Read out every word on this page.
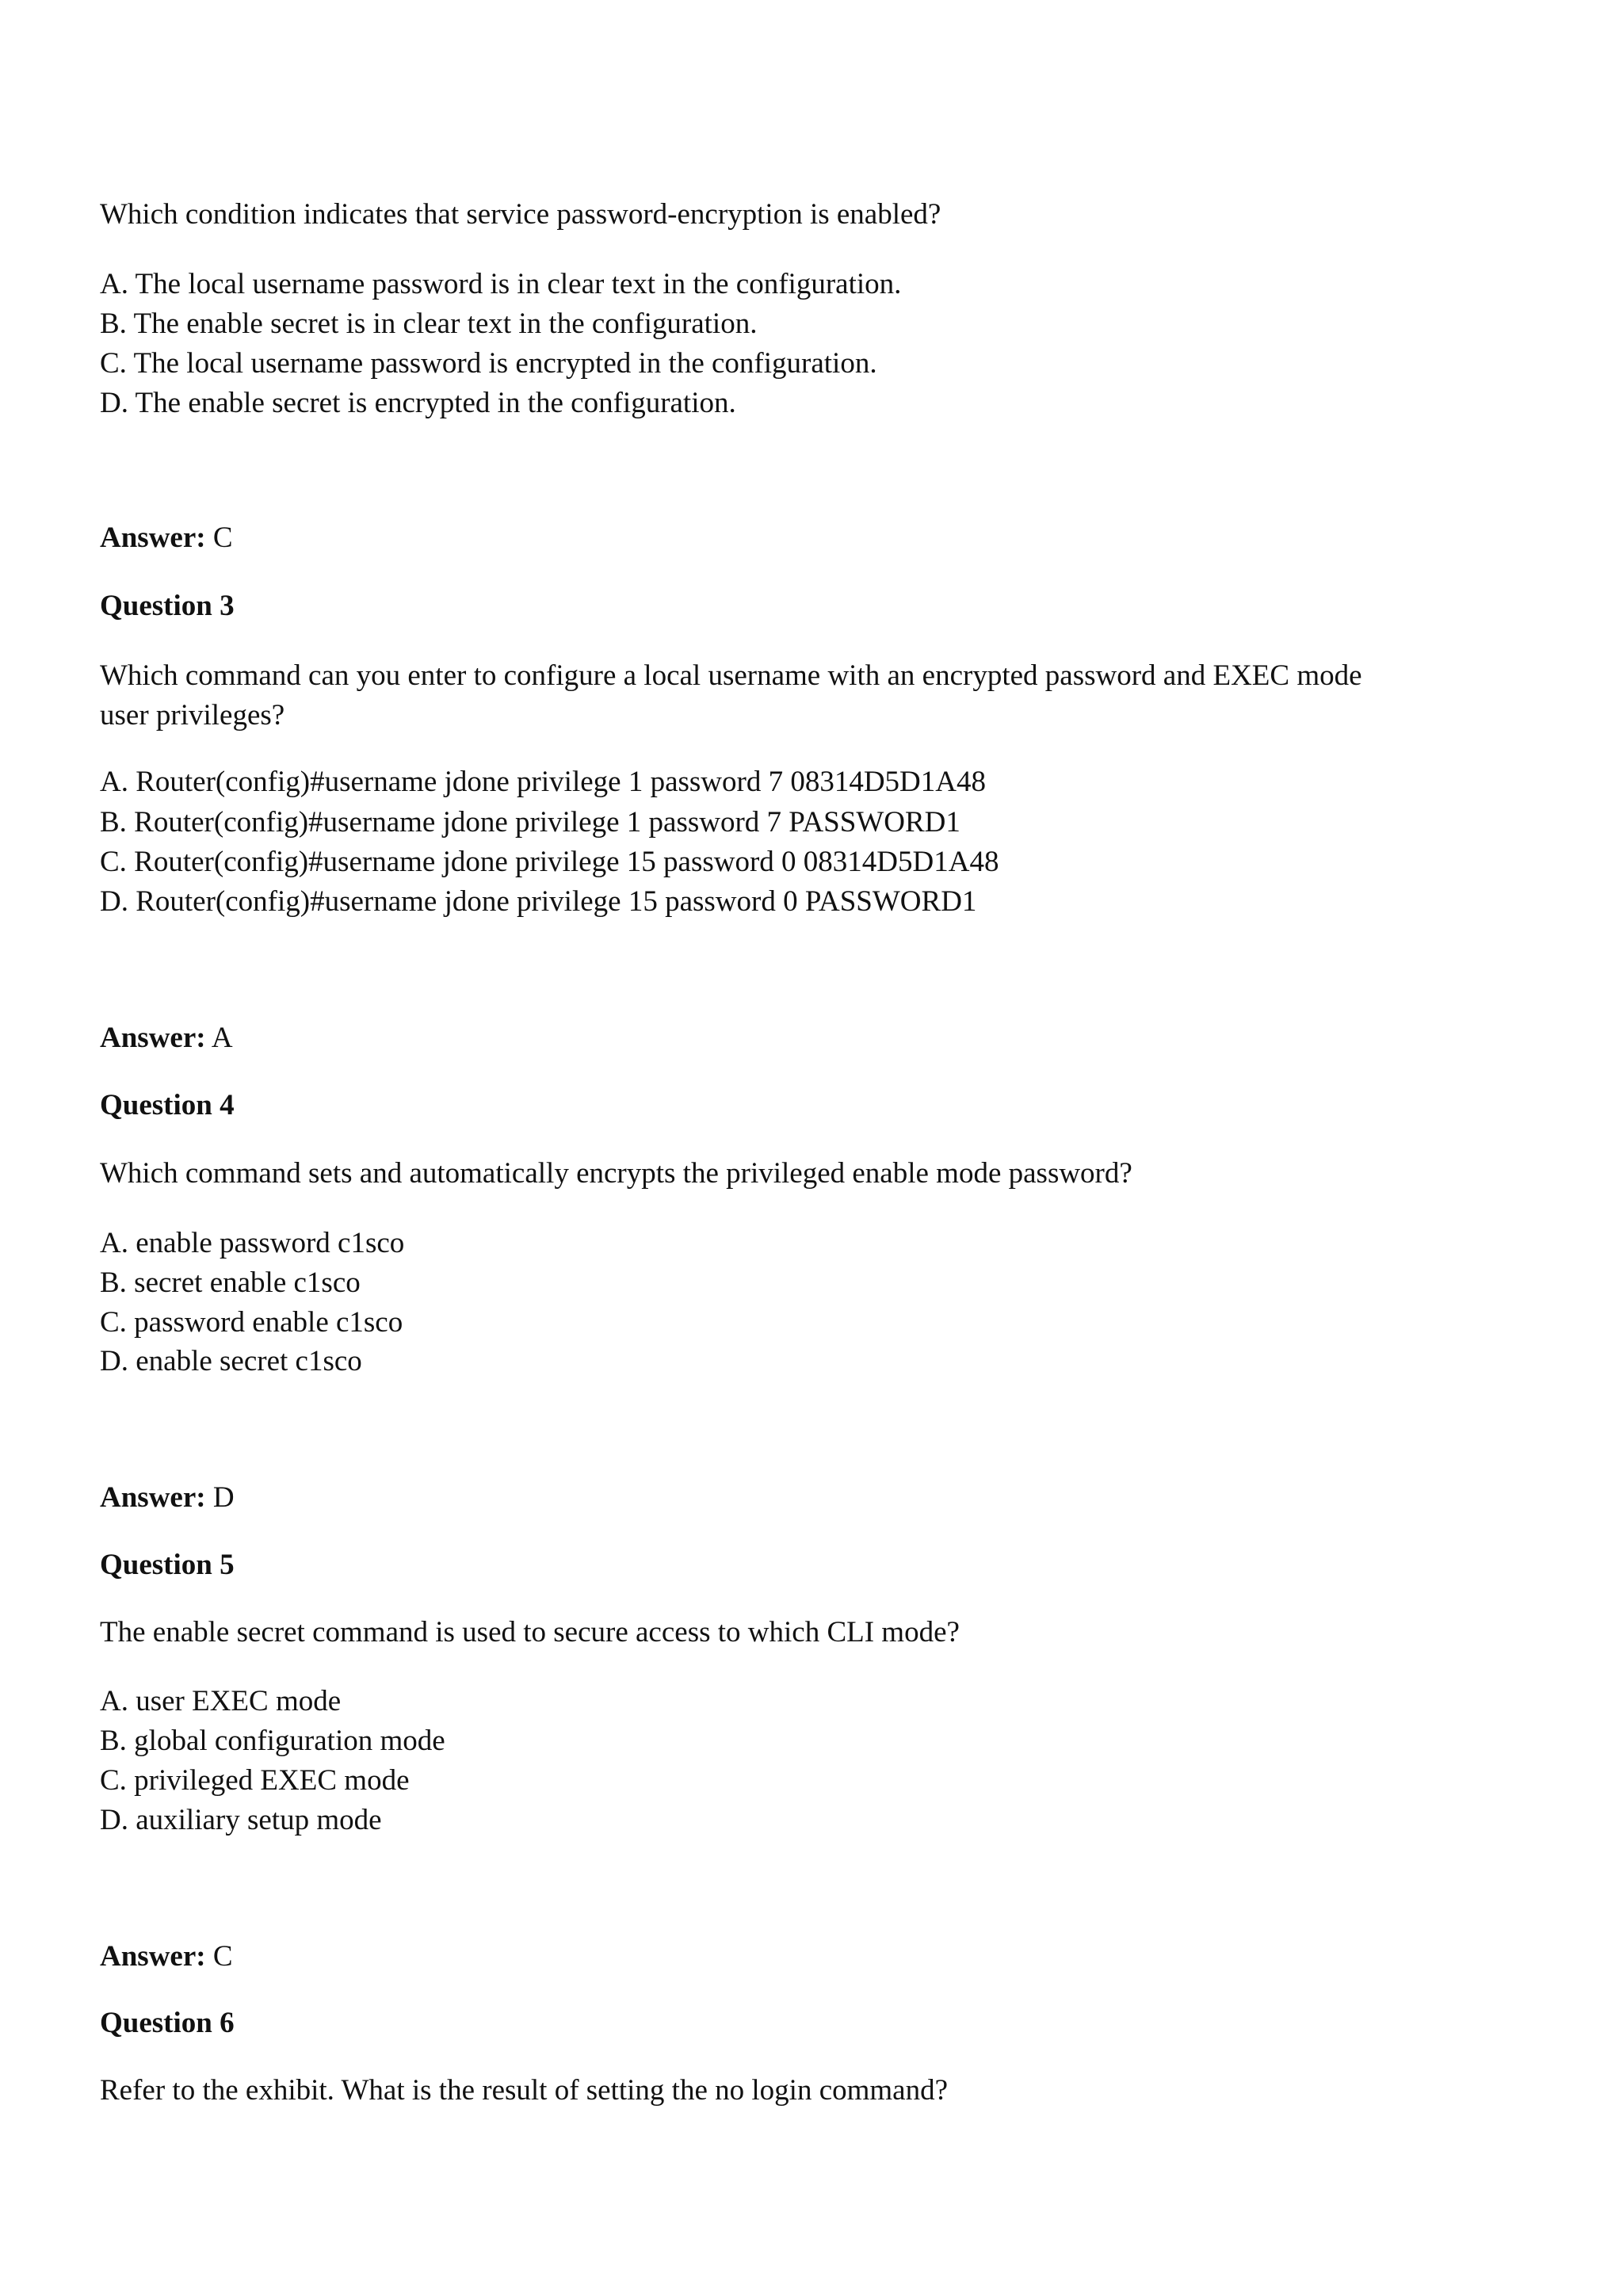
Which condition indicates that service password-encryption is enabled?
A. The local username password is in clear text in the configuration.
B. The enable secret is in clear text in the configuration.
C. The local username password is encrypted in the configuration.
D. The enable secret is encrypted in the configuration.
Answer: C
Question 3
Which command can you enter to configure a local username with an encrypted password and EXEC mode
user privileges?
A. Router(config)#username jdone privilege 1 password 7 08314D5D1A48
B. Router(config)#username jdone privilege 1 password 7 PASSWORD1
C. Router(config)#username jdone privilege 15 password 0 08314D5D1A48
D. Router(config)#username jdone privilege 15 password 0 PASSWORD1
Answer: A
Question 4
Which command sets and automatically encrypts the privileged enable mode password?
A. enable password c1sco
B. secret enable c1sco
C. password enable c1sco
D. enable secret c1sco
Answer: D
Question 5
The enable secret command is used to secure access to which CLI mode?
A. user EXEC mode
B. global configuration mode
C. privileged EXEC mode
D. auxiliary setup mode
Answer: C
Question 6
Refer to the exhibit. What is the result of setting the no login command?
